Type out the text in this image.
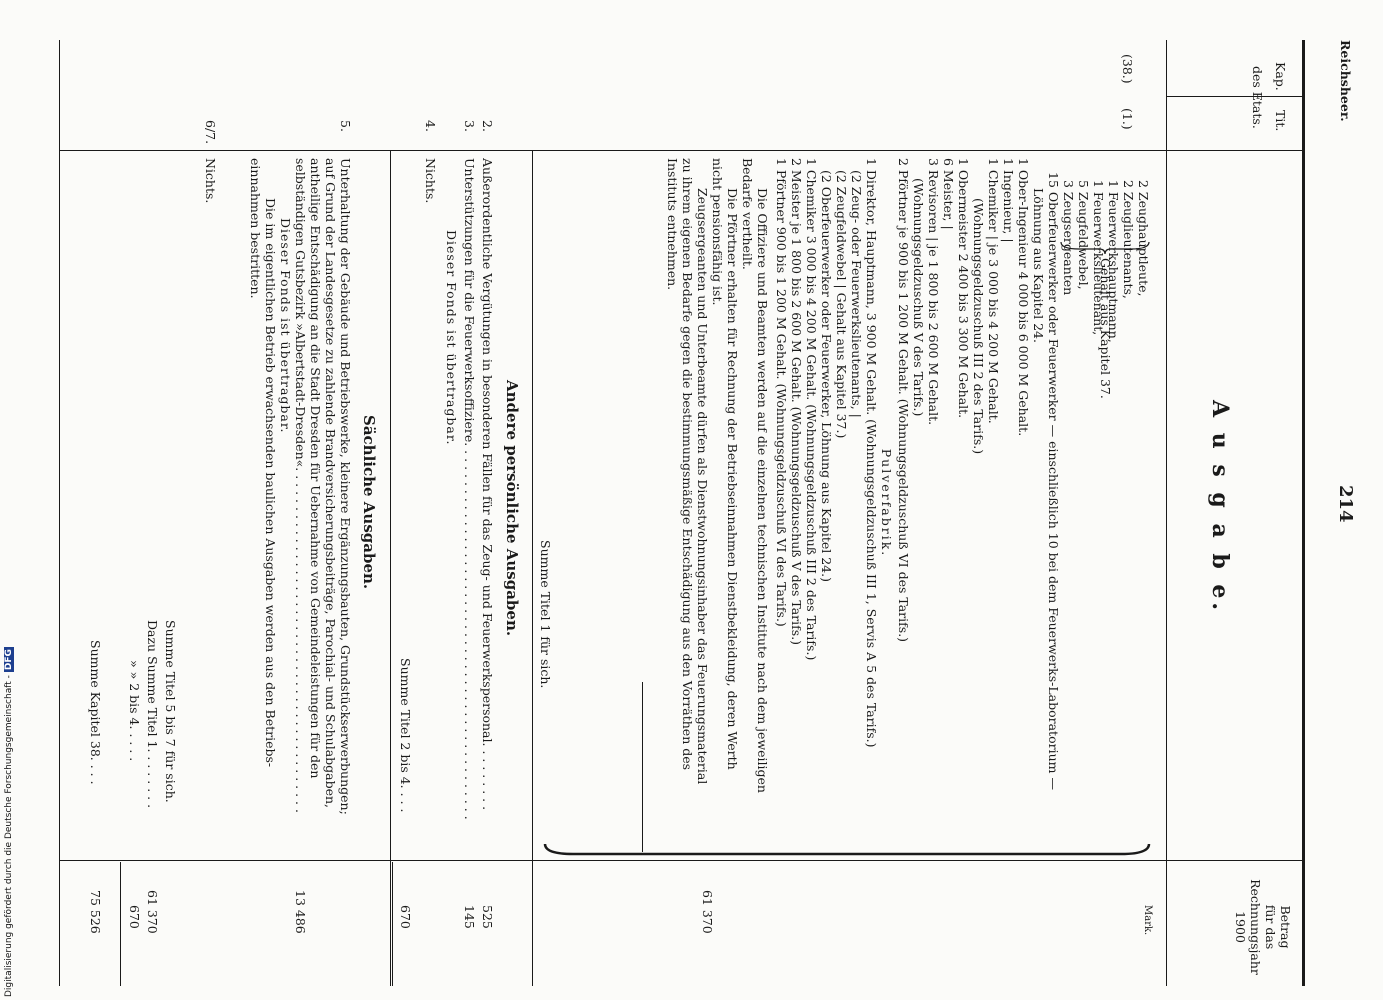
Reichsheer.
214
Kap.
Tit.
des Etats.
A u s g a b e.
Betrag
für das
Rechnungsjahr
1900
Mark.
(38.)
(1.)
2 Zeughauptleute,
2 Zeuglieutenants,
1 Feuerwerkshauptmann,
1 Feuerwerkslieutenant,
5 Zeugfeldwebel,
3 Zeugsergeanten
15 Oberfeuerwerker oder Feuerwerker — einschließlich 10 bei dem Feuerwerks-Laboratorium —
Löhnung aus Kapitel 24.
1 Ober-Ingenieur 4 000 bis 6 000 M Gehalt.
1 Ingenieur, |
1 Chemiker | je 3 000 bis 4 200 M Gehalt.
(Wohnungsgeldzuschuß III 2 des Tarifs.)
1 Obermeister 2 400 bis 3 300 M Gehalt.
6 Meister, |
3 Revisoren | je 1 800 bis 2 600 M Gehalt.
(Wohnungsgeldzuschuß V des Tarifs.)
2 Pförtner je 900 bis 1 200 M Gehalt. (Wohnungsgeldzuschuß VI des Tarifs.)
Pulverfabrik.
1 Direktor, Hauptmann, 3 900 M Gehalt. (Wohnungsgeldzuschuß III 1, Servis A 5 des Tarifs.)
(2 Zeug- oder Feuerwerkslieutenants, |
(2 Zeugfeldwebel | Gehalt aus Kapitel 37.)
(2 Oberfeuerwerker oder Feuerwerker, Löhnung aus Kapitel 24.)
1 Chemiker 3 000 bis 4 200 M Gehalt. (Wohnungsgeldzuschuß III 2 des Tarifs.)
2 Meister je 1 800 bis 2 600 M Gehalt. (Wohnungsgeldzuschuß V des Tarifs.)
1 Pförtner 900 bis 1 200 M Gehalt. (Wohnungsgeldzuschuß VI des Tarifs.)
Die Offiziere und Beamten werden auf die einzelnen technischen Institute nach dem jeweiligen
Bedarfe vertheilt.
Die Pförtner erhalten für Rechnung der Betriebseinnahmen Dienstbekleidung, deren Werth
nicht pensionsfähig ist.
Zeugsergeanten und Unterbeamte dürfen als Dienstwohnungsinhaber das Feuerungsmaterial
zu ihrem eigenen Bedarfe gegen die bestimmungsmäßige Entschädigung aus den Vorräthen des
Instituts entnehmen.
Gehalt aus Kapitel 37.
61 370
Summe Titel 1 für sich.
Andere persönliche Ausgaben.
2.
Außerordentliche Vergütungen in besonderen Fällen für das Zeug- und Feuerwerkspersonal. . . . . . . . .
525
3.
Unterstützungen für die Feuerwerksoffiziere. . . . . . . . . . . . . . . . . . . . . . . . . . . . . . . . . . . . . . . . . . . . . . . .
145
Dieser Fonds ist übertragbar.
4.
Nichts.
Summe Titel 2 bis 4. . . .
670
Sächliche Ausgaben.
5.
Unterhaltung der Gebäude und Betriebswerke, kleinere Ergänzungsbauten, Grundstückserwerbungen;
auf Grund der Landesgesetze zu zahlende Brandversicherungsbeiträge, Parochial- und Schulabgaben,
antheilige Entschädigung an die Stadt Dresden für Uebernahme von Gemeindeleistungen für den
selbständigen Gutsbezirk »Albertstadt-Dresden«. . . . . . . . . . . . . . . . . . . . . . . . . . . . . . . . . . . . . . . . . . . .
Dieser Fonds ist übertragbar.
Die im eigentlichen Betrieb erwachsenden baulichen Ausgaben werden aus den Betriebs-
einnahmen bestritten.
13 486
6/7.
Nichts.
Summe Titel 5 bis 7 für sich.
Dazu Summe Titel 1. . . . . . . .
61 370
» » 2 bis 4. . . . .
670
Summe Kapitel 38. . . .
75 526
Digitalisierung gefördert durch die Deutsche Forschungsgemeinschaft -DFG
